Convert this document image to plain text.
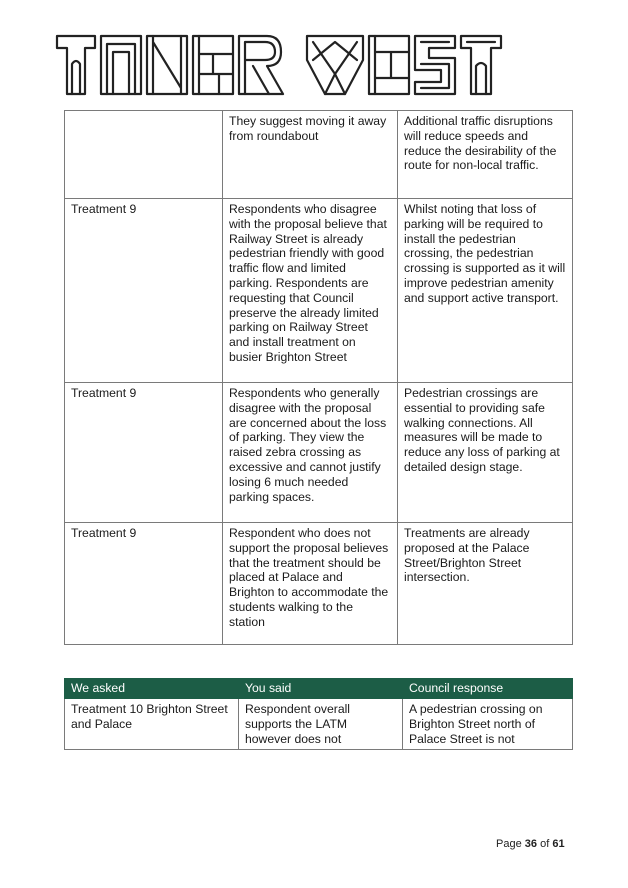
	They suggest moving it away from roundabout	Additional traffic disruptions will reduce speeds and reduce the desirability of the route for non-local traffic.
Treatment 9	Respondents who disagree with the proposal believe that Railway Street is already pedestrian friendly with good traffic flow and limited parking. Respondents are requesting that Council preserve the already limited parking on Railway Street and install treatment on busier Brighton Street	Whilst noting that loss of parking will be required to install the pedestrian crossing, the pedestrian crossing is supported as it will improve pedestrian amenity and support active transport.
Treatment 9	Respondents who generally disagree with the proposal are concerned about the loss of parking. They view the raised zebra crossing as excessive and cannot justify losing 6 much needed parking spaces.	Pedestrian crossings are essential to providing safe walking connections. All measures will be made to reduce any loss of parking at detailed design stage.
Treatment 9	Respondent who does not support the proposal believes that the treatment should be placed at Palace and Brighton to accommodate the students walking to the station	Treatments are already proposed at the Palace Street/Brighton Street intersection.
We asked	You said	Council response
Treatment 10 Brighton Street
and Palace	Respondent overall supports the LATM however does not	A pedestrian crossing on Brighton Street north of Palace Street is not
Page 36 of 61
